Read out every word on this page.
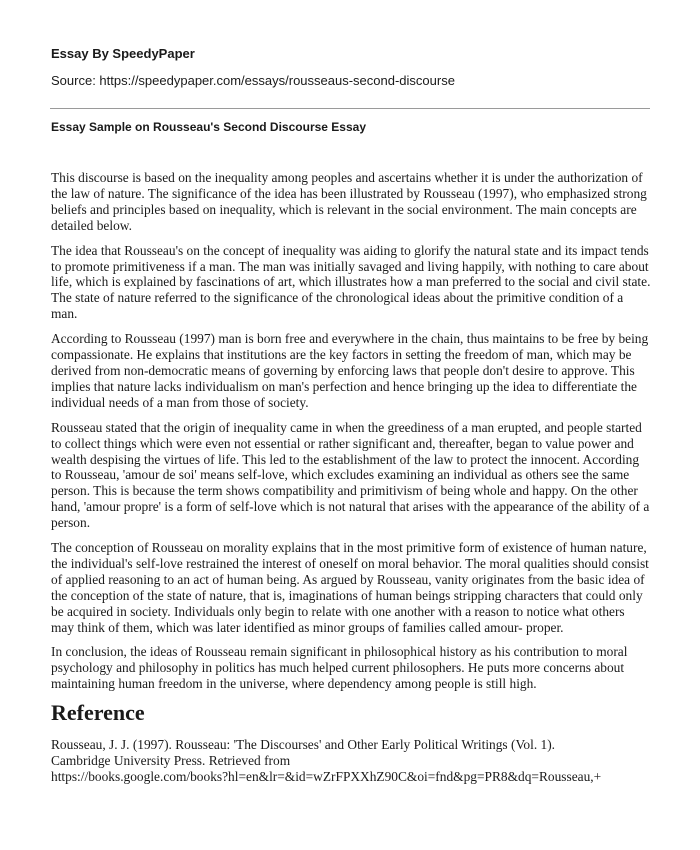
Essay By SpeedyPaper
Source: https://speedypaper.com/essays/rousseaus-second-discourse
Essay Sample on Rousseau's Second Discourse Essay

This discourse is based on the inequality among peoples and ascertains whether it is under the authorization of the law of nature. The significance of the idea has been illustrated by Rousseau (1997), who emphasized strong beliefs and principles based on inequality, which is relevant in the social environment. The main concepts are detailed below.

The idea that Rousseau's on the concept of inequality was aiding to glorify the natural state and its impact tends to promote primitiveness if a man. The man was initially savaged and living happily, with nothing to care about life, which is explained by fascinations of art, which illustrates how a man preferred to the social and civil state. The state of nature referred to the significance of the chronological ideas about the primitive condition of a man.

According to Rousseau (1997) man is born free and everywhere in the chain, thus maintains to be free by being compassionate. He explains that institutions are the key factors in setting the freedom of man, which may be derived from non-democratic means of governing by enforcing laws that people don't desire to approve. This implies that nature lacks individualism on man's perfection and hence bringing up the idea to differentiate the individual needs of a man from those of society.

Rousseau stated that the origin of inequality came in when the greediness of a man erupted, and people started to collect things which were even not essential or rather significant and, thereafter, began to value power and wealth despising the virtues of life. This led to the establishment of the law to protect the innocent. According to Rousseau, 'amour de soi' means self-love, which excludes examining an individual as others see the same person. This is because the term shows compatibility and primitivism of being whole and happy. On the other hand, 'amour propre' is a form of self-love which is not natural that arises with the appearance of the ability of a person.

The conception of Rousseau on morality explains that in the most primitive form of existence of human nature, the individual's self-love restrained the interest of oneself on moral behavior. The moral qualities should consist of applied reasoning to an act of human being. As argued by Rousseau, vanity originates from the basic idea of the conception of the state of nature, that is, imaginations of human beings stripping characters that could only be acquired in society. Individuals only begin to relate with one another with a reason to notice what others may think of them, which was later identified as minor groups of families called amour- proper.

In conclusion, the ideas of Rousseau remain significant in philosophical history as his contribution to moral psychology and philosophy in politics has much helped current philosophers. He puts more concerns about maintaining human freedom in the universe, where dependency among people is still high.

Reference

Rousseau, J. J. (1997). Rousseau: 'The Discourses' and Other Early Political Writings (Vol. 1).
Cambridge University Press. Retrieved from
https://books.google.com/books?hl=en&lr=&id=wZrFPXXhZ90C&oi=fnd&pg=PR8&dq=Rousseau,+
